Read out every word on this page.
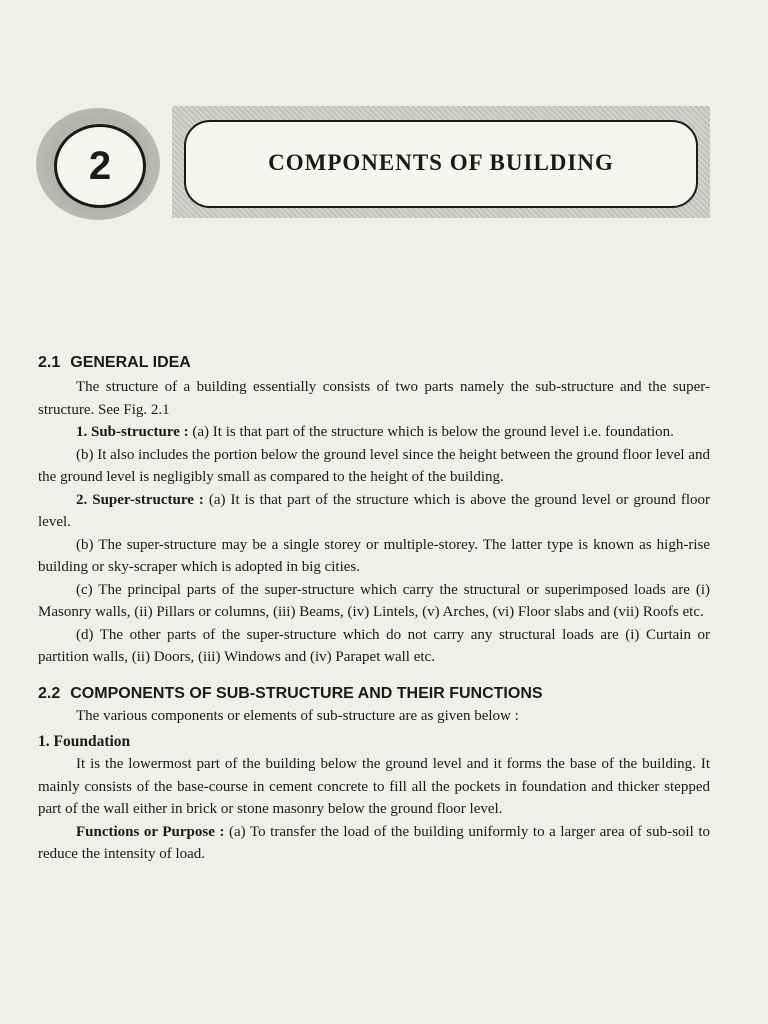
2	COMPONENTS OF BUILDING
2.1 GENERAL IDEA

The structure of a building essentially consists of two parts namely the sub-structure and the super-structure. See Fig. 2.1

1. Sub-structure : (a) It is that part of the structure which is below the ground level i.e. foundation.

(b) It also includes the portion below the ground level since the height between the ground floor level and the ground level is negligibly small as compared to the height of the building.

2. Super-structure : (a) It is that part of the structure which is above the ground level or ground floor level.

(b) The super-structure may be a single storey or multiple-storey. The latter type is known as high-rise building or sky-scraper which is adopted in big cities.

(c) The principal parts of the super-structure which carry the structural or superimposed loads are (i) Masonry walls, (ii) Pillars or columns, (iii) Beams, (iv) Lintels, (v) Arches, (vi) Floor slabs and (vii) Roofs etc.

(d) The other parts of the super-structure which do not carry any structural loads are (i) Curtain or partition walls, (ii) Doors, (iii) Windows and (iv) Parapet wall etc.

2.2 COMPONENTS OF SUB-STRUCTURE AND THEIR FUNCTIONS

The various components or elements of sub-structure are as given below :

1. Foundation

It is the lowermost part of the building below the ground level and it forms the base of the building. It mainly consists of the base-course in cement concrete to fill all the pockets in foundation and thicker stepped part of the wall either in brick or stone masonry below the ground floor level.

Functions or Purpose : (a) To transfer the load of the building uniformly to a larger area of sub-soil to reduce the intensity of load.
